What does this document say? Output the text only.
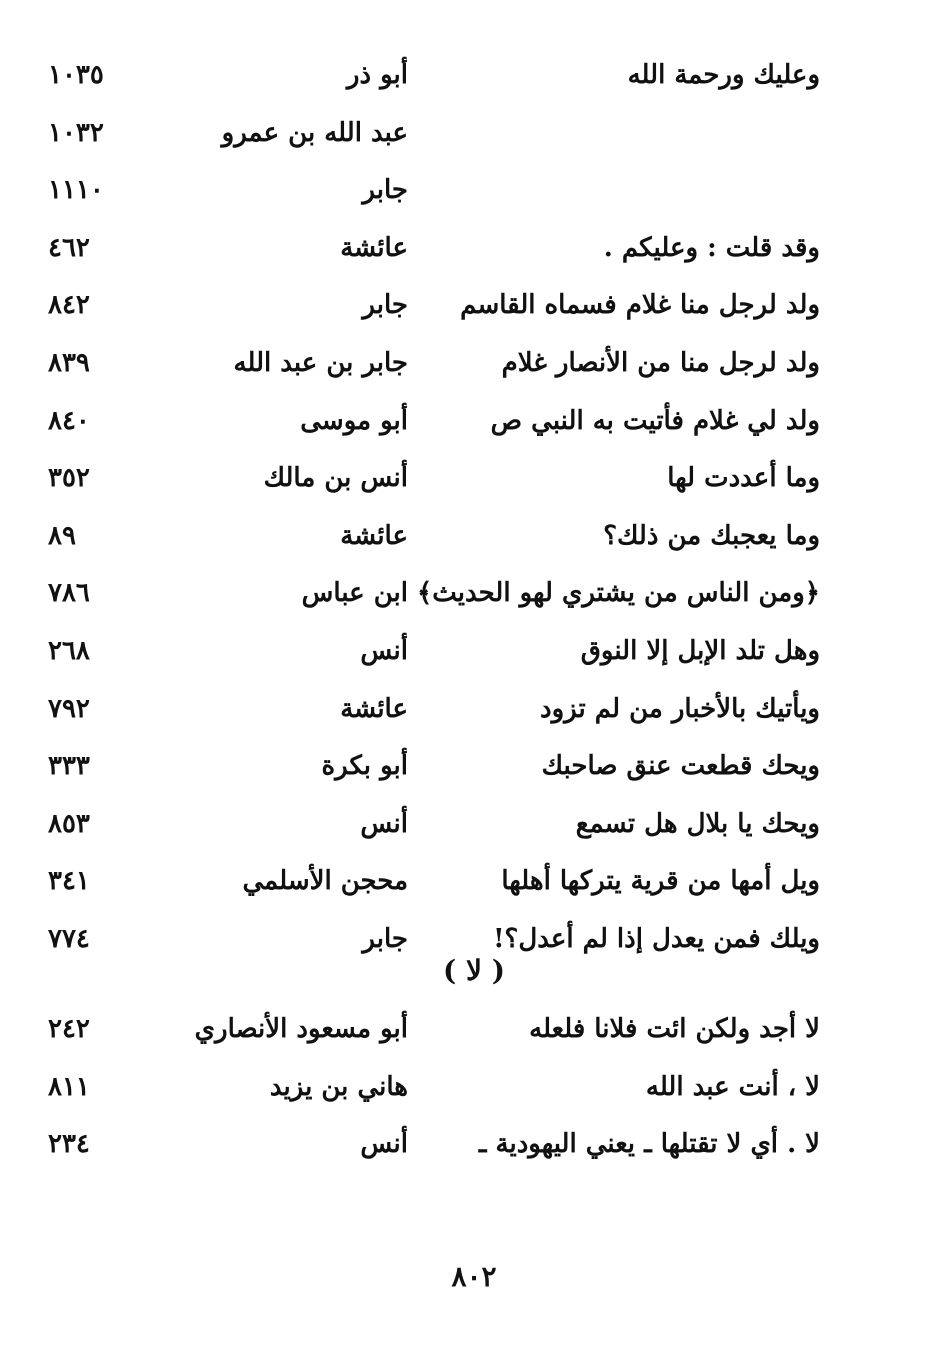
وعليك ورحمة الله
أبو ذر
١٠٣٥
عبد الله بن عمرو
١٠٣٢
جابر
١١١٠
وقد قلت : وعليكم .
عائشة
٤٦٢
ولد لرجل منا غلام فسماه القاسم
جابر
٨٤٢
ولد لرجل منا من الأنصار غلام
جابر بن عبد الله
٨٣٩
ولد لي غلام فأتيت به النبي ص
أبو موسى
٨٤٠
وما أعددت لها
أنس بن مالك
٣٥٢
وما يعجبك من ذلك؟
عائشة
٨٩
﴿ومن الناس من يشتري لهو الحديث﴾
ابن عباس
٧٨٦
وهل تلد الإبل إلا النوق
أنس
٢٦٨
ويأتيك بالأخبار من لم تزود
عائشة
٧٩٢
ويحك قطعت عنق صاحبك
أبو بكرة
٣٣٣
ويحك يا بلال هل تسمع
أنس
٨٥٣
ويل أمها من قرية يتركها أهلها
محجن الأسلمي
٣٤١
ويلك فمن يعدل إذا لم أعدل؟!
جابر
٧٧٤
( لا )
لا أجد ولكن ائت فلانا فلعله
أبو مسعود الأنصاري
٢٤٢
لا ، أنت عبد الله
هاني بن يزيد
٨١١
لا . أي لا تقتلها ـ يعني اليهودية ـ
أنس
٢٣٤
٨٠٢
